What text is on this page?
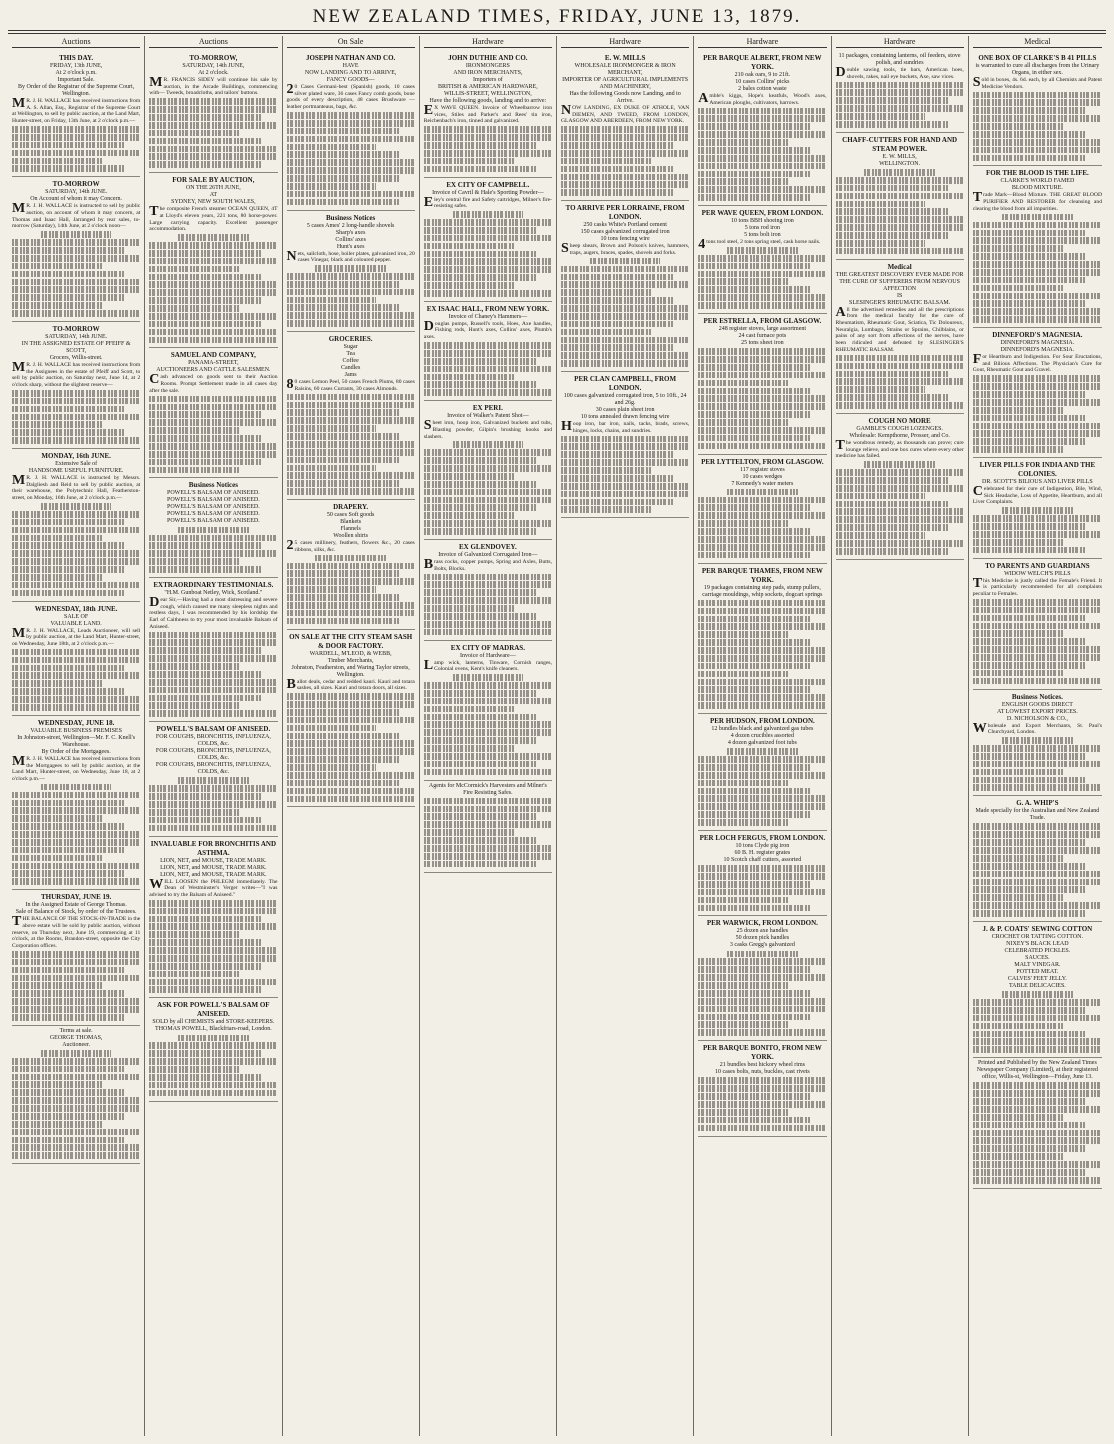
NEW ZEALAND TIMES, FRIDAY, JUNE 13, 1879.
Auctions
THIS DAY.
FRIDAY, 13th JUNE,
At 2 o'clock p.m.
Important Sale.
By Order of the Registrar of the Supreme Court, Wellington.
MR. J. H. WALLACE has received instructions from A. S. Allan, Esq., Registrar of the Supreme Court at Wellington, to sell by public auction, at the Land Mart, Hunter-street, on Friday, 13th June, at 2 o'clock p.m.—
TO-MORROW
SATURDAY, 14th JUNE.
On Account of whom it may Concern.
MR. J. H. WALLACE is instructed to sell by public auction, on account of whom it may concern, at Thomas and Isaac Hall, Jarranged by rear sales, to-morrow (Saturday), 14th June, at 2 o'clock noon—
TO-MORROW
SATURDAY, 14th JUNE.
IN THE ASSIGNED ESTATE OF PFEIFF & SCOTT,
Grocers, Willis-street.
MR. J. H. WALLACE has received instructions from the Assignees in the estate of Pfeiff and Scott, to sell by public auction, on Saturday next, June 14, at 2 o'clock sharp, without the slightest reserve—
MONDAY, 16th JUNE.
Extensive Sale of
HANDSOME USEFUL FURNITURE.
MR. J. H. WALLACE is instructed by Messrs. Dalgliesh and Reid to sell by public auction, at their warehouse, the Polytechnic Hall, Featherston-street, on Monday, 16th June, at 2 o'clock p.m.—
WEDNESDAY, 18th JUNE.
SALE OF
VALUABLE LAND.
MR. J. H. WALLACE, Leads Auctioneer, will sell by public auction, at the Land Mart, Hunter-street, on Wednesday, June 18th, at 2 o'clock p.m.—
WEDNESDAY, JUNE 18.
VALUABLE BUSINESS PREMISES
In Johnston-street, Wellington—Mr. F. C. Knell's Warehouse.
By Order of the Mortgagees.
MR. J. H. WALLACE has received instructions from the Mortgagees to sell by public auction, at the Land Mart, Hunter-street, on Wednesday, June 18, at 2 o'clock p.m.—
THURSDAY, JUNE 19.
In the Assigned Estate of George Thomas.
Sale of Balance of Stock, by order of the Trustees.
THE BALANCE OF THE STOCK-IN-TRADE in the above estate will be sold by public auction, without reserve, on Thursday next, June 19, commencing at 11 o'clock, at the Rooms, Brandon-street, opposite the City Corporation offices.
Terms at sale.
GEORGE THOMAS,
Auctioneer.
Auctions
TO-MORROW,
SATURDAY, 14th JUNE,
At 2 o'clock.
MR. FRANCIS SIDEY will continue his sale by auction, in the Arcade Buildings, commencing with— Tweeds, broadcloths, and tailors' buttons.
FOR SALE BY AUCTION,
ON THE 26TH JUNE,
AT
SYDNEY, NEW SOUTH WALES,
The composite French steamer OCEAN QUEEN, 4T at Lloyd's eleven years, 221 tons, 80 horse-power. Large carrying capacity. Excellent passenger accommodation.
SAMUEL AND COMPANY,
PANAMA-STREET,
AUCTIONEERS AND CATTLE SALESMEN.
Cash advanced on goods sent to their Auction Rooms. Prompt Settlement made in all cases day after the sale.
Business Notices
POWELL'S BALSAM OF ANISEED.
POWELL'S BALSAM OF ANISEED.
POWELL'S BALSAM OF ANISEED.
POWELL'S BALSAM OF ANISEED.
POWELL'S BALSAM OF ANISEED.
EXTRAORDINARY TESTIMONIALS.
"H.M. Gunboat Netley, Wick, Scotland."
Dear Sir,—Having had a most distressing and severe cough, which caused me many sleepless nights and restless days, I was recommended by his lordship the Earl of Caithness to try your most invaluable Balsam of Aniseed.
POWELL'S BALSAM OF ANISEED.
FOR COUGHS, BRONCHITIS, INFLUENZA, COLDS, &c.
FOR COUGHS, BRONCHITIS, INFLUENZA, COLDS, &c.
FOR COUGHS, BRONCHITIS, INFLUENZA, COLDS, &c.
INVALUABLE FOR BRONCHITIS AND ASTHMA.
LION, NET, and MOUSE, TRADE MARK.
LION, NET, and MOUSE, TRADE MARK.
LION, NET, and MOUSE, TRADE MARK.
WILL LOOSEN the PHLEGM immediately. The Dean of Westminster's Verger writes—"I was advised to try the Balsam of Aniseed."
ASK FOR POWELL'S BALSAM OF ANISEED.
SOLD by all CHEMISTS and STORE-KEEPERS.
THOMAS POWELL, Blackfriars-road, London.
On Sale
JOSEPH NATHAN AND CO.
HAVE
NOW LANDING AND TO ARRIVE,
FANCY GOODS—
20 Cases Germani-best (Spanish) goods, 10 cases silver plated ware, 36 cases Fancy comb goods, bone goods of every description, 48 cases Brushware — leather portmanteaus, bags, &c.
Business Notices
5 cases Ames' 2 long-handle shovels
Sharp's axes
Collins' axes
Hunt's axes
Nets, sailcloth, hose, boiler plates, galvanized iron, 20 cases Vinegar, black and coloured pepper.
GROCERIES.
Sugar
Tea
Coffee
Candles
Jams
80 cases Lemon Peel, 50 cases French Plums, 80 cases Raisins, 60 cases Currants, 30 cases Almonds.
DRAPERY.
50 cases Soft goods
Blankets
Flannels
Woollen shirts
25 cases millinery, feathers, flowers &c., 20 cases ribbons, silks, &c.
ON SALE AT THE CITY STEAM SASH & DOOR FACTORY.
WARDELL, M'LEOD, & WEBB,
Timber Merchants,
Johnston, Featherston, and Waring Taylor streets, Wellington.
Ballot deals, cedar and redded kauri. Kauri and totara sashes, all sizes. Kauri and totara doors, all sizes.
Hardware
JOHN DUTHIE AND CO.
IRONMONGERS
AND IRON MERCHANTS,
Importers of
BRITISH & AMERICAN HARDWARE,
WILLIS-STREET, WELLINGTON,
Have the following goods, landing and to arrive:
EX WAVE QUEEN. Invoice of Wheelbarrow iron vices, Stiles and Parker's and Rees' tin iron, Reichenbach's iron, tinned and galvanized.
EX CITY OF CAMPBELL.
Invoice of Cavril & Hale's Sporting Powder—
Eley's central fire and Safety cartridges, Milner's fire-resisting safes.
EX ISAAC HALL, FROM NEW YORK.
Invoice of Chaney's Hammers—
Douglas pumps, Russell's tools, Hoes, Axe handles, Fishing rods, Hunt's axes, Collins' axes, Plumb's axes.
EX PERI.
Invoice of Walker's Patent Shot—
Sheet iron, hoop iron, Galvanized buckets and tubs, Blasting powder, Gilpin's brushing hooks and slashers.
EX GLENDOVEY.
Invoice of Galvanized Corrugated Iron—
Brass cocks, copper pumps, Spring and Axles, Butts, Bolts, Blocks.
EX CITY OF MADRAS.
Invoice of Hardware—
Lamp wick, lanterns, Tinware, Cornish ranges, Colonial ovens, Kent's knife cleaners.
Agents for McCormick's Harvesters and Milner's Fire Resisting Safes.
Hardware
E. W. MILLS
WHOLESALE IRONMONGER & IRON MERCHANT,
IMPORTER OF AGRICULTURAL IMPLEMENTS AND MACHINERY,
Has the following Goods now Landing, and to Arrive.
NOW LANDING, EX DUKE OF ATHOLE, VAN DIEMEN, AND TWEED, FROM LONDON, GLASGOW AND ABERDEEN, FROM NEW YORK.
TO ARRIVE PER LORRAINE, FROM LONDON.
250 casks White's Portland cement
150 cases galvanized corrugated iron
10 tons fencing wire
Sheep shears, Brown and Polson's knives, hammers, traps, augers, braces, spades, shovels and forks.
PER CLAN CAMPBELL, FROM LONDON.
100 cases galvanized corrugated iron, 5 to 10ft., 24 and 26g.
30 cases plain sheet iron
10 tons annealed drawn fencing wire
Hoop iron, bar iron, nails, tacks, brads, screws, hinges, locks, chains, and sundries.
Hardware
PER BARQUE ALBERT, FROM NEW YORK.
210 oak oars, 9 to 21ft.
10 cases Collins' picks
2 bales cotton waste
Amble's kiggs, Hope's keatfuls, Wood's axes, American ploughs, cultivators, harrows.
PER WAVE QUEEN, FROM LONDON.
10 tons BBH shoeing iron
5 tons rod iron
5 tons bolt iron
4tons tool steel, 2 tons spring steel, cask horse nails.
PER ESTRELLA, FROM GLASGOW.
248 register stoves, large assortment
24 cast furnace pots
25 tons sheet iron
PER LYTTELTON, FROM GLASGOW.
117 register stoves
10 cases wedges
7 Kennedy's water meters
PER BARQUE THAMES, FROM NEW YORK.
19 packages containing step pads, stump pullers, carriage mouldings, whip sockets, dogcart springs
PER HUDSON, FROM LONDON.
12 bundles black and galvanized gas tubes
4 dozen crucibles assorted
4 dozen galvanized foot tubs
PER LOCH FERGUS, FROM LONDON.
10 tons Clyde pig iron
60 B. H. register grates
10 Scotch chaff cutters, assorted
PER WARWICK, FROM LONDON.
25 dozen axe handles
50 dozen pick handles
3 casks Gregg's galvanized
PER BARQUE BONITO, FROM NEW YORK.
21 bundles best hickory wheel rims
10 cases bolts, nuts, buckles, cast rivets
Hardware
11 packages, containing lanterns, oil feeders, stove polish, and sundries
Double sawing tools, tie bars, American hoes, shovels, rakes, nail eye buckets, Axe, saw vices.
CHAFF-CUTTERS FOR HAND AND STEAM POWER.
E. W. MILLS,
WELLINGTON.
Medical
THE GREATEST DISCOVERY EVER MADE FOR THE CURE OF SUFFERERS FROM NERVOUS AFFECTION
IS
SLESINGER'S RHEUMATIC BALSAM.
All the advertised remedies and all the prescriptions from the medical faculty for the cure of Rheumatism, Rheumatic Gout, Sciatica, Tic Doloureux, Neuralgia, Lumbago, Strains or Sprains, Chilblains, or pains of any sort from affections of the nerves, have been ridiculed and defeated by SLESINGER'S RHEUMATIC BALSAM.
COUGH NO MORE
GAMBLE'S COUGH LOZENGES.
Wholesale: Kempthorne, Prosser, and Co.
The wondrous remedy, as thousands can prove; cure lounge relieve, and one box cures where every other medicine has failed.
Medical
ONE BOX OF CLARKE'S B 41 PILLS
is warranted to cure all discharges from the Urinary Organs, in either sex.
Sold in boxes, 4s. 6d. each, by all Chemists and Patent Medicine Vendors.
FOR THE BLOOD IS THE LIFE.
CLARKE'S WORLD FAMED
BLOOD MIXTURE.
Trade Mark—Blood Mixture. THE GREAT BLOOD PURIFIER AND RESTORER for cleansing and clearing the blood from all impurities.
DINNEFORD'S MAGNESIA.
DINNEFORD'S MAGNESIA.
DINNEFORD'S MAGNESIA.
For Heartburn and Indigestion. For Sour Eructations, and Bilious Affections. The Physician's Cure for Gout, Rheumatic Gout and Gravel.
LIVER PILLS FOR INDIA AND THE COLONIES.
DR. SCOTT'S BILIOUS AND LIVER PILLS
Celebrated for their cure of Indigestion, Bile, Wind, Sick Headache, Loss of Appetite, Heartburn, and all Liver Complaints.
TO PARENTS AND GUARDIANS
WIDOW WELCH'S PILLS
This Medicine is justly called the Female's Friend. It is particularly recommended for all complaints peculiar to Females.
Business Notices.
ENGLISH GOODS DIRECT
AT LOWEST EXPORT PRICES.
D. NICHOLSON & CO.,
Wholesale and Export Merchants, St. Paul's Churchyard, London.
G. A. WHIP'S
Made specially for the Australian and New Zealand Trade.
J. & P. COATS' SEWING COTTON
CROCHET OR TATTING COTTON.
NIXEY'S BLACK LEAD
CELEBRATED PICKLES.
SAUCES.
MALT VINEGAR.
POTTED MEAT.
CALVES' FEET JELLY.
TABLE DELICACIES.
Printed and Published by the New Zealand Times Newspaper Company (Limited), at their registered office, Willis-st, Wellington—Friday, June 13.
